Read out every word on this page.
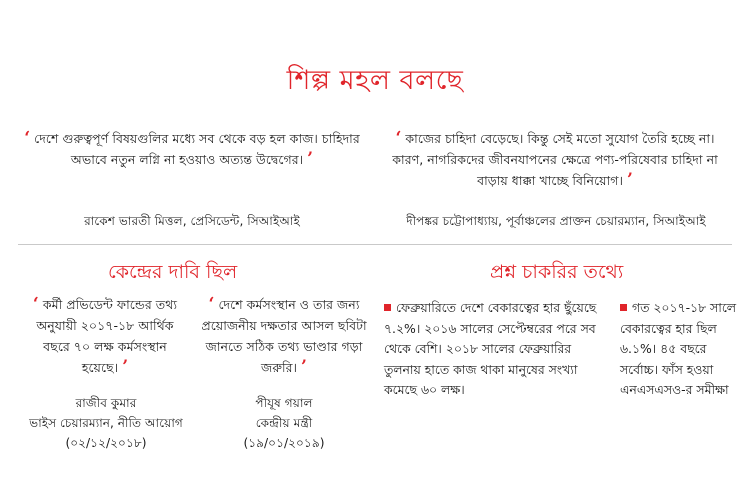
শিল্প মহল বলছে
‘ দেশে গুরুত্বপূর্ণ বিষয়গুলির মধ্যে সব থেকে বড় হল কাজ। চাহিদার অভাবে নতুন লগ্নি না হওয়াও অত্যন্ত উদ্বেগের। ’
রাকেশ ভারতী মিত্তল, প্রেসিডেন্ট, সিআইআই
‘ কাজের চাহিদা বেড়েছে। কিন্তু সেই মতো সুযোগ তৈরি হচ্ছে না। কারণ, নাগরিকদের জীবনযাপনের ক্ষেত্রে পণ্য-পরিষেবার চাহিদা না বাড়ায় ধাক্কা খাচ্ছে বিনিয়োগ। ’
দীপঙ্কর চট্টোপাধ্যায়, পূর্বাঞ্চলের প্রাক্তন চেয়ারম্যান, সিআইআই
কেন্দ্রের দাবি ছিল
‘ কর্মী প্রভিডেন্ট ফান্ডের তথ্য অনুযায়ী ২০১৭-১৮ আর্থিক বছরে ৭০ লক্ষ কর্মসংস্থান হয়েছে। ’
রাজীব কুমার
ভাইস চেয়ারম্যান, নীতি আয়োগ
(০২/১২/২০১৮)
‘ দেশে কর্মসংস্থান ও তার জন্য প্রয়োজনীয় দক্ষতার আসল ছবিটা জানতে সঠিক তথ্য ভাণ্ডার গড়া জরুরি। ’
পীযূষ গয়াল
কেন্দ্রীয় মন্ত্রী
(১৯/০১/২০১৯)
প্রশ্ন চাকরির তথ্যে
ফেব্রুয়ারিতে দেশে বেকারত্বের হার ছুঁয়েছে ৭.২%। ২০১৬ সালের সেপ্টেম্বরের পরে সব থেকে বেশি। ২০১৮ সালের ফেব্রুয়ারির তুলনায় হাতে কাজ থাকা মানুষের সংখ্যা কমেছে ৬০ লক্ষ।
গত ২০১৭-১৮ সালে বেকারত্বের হার ছিল ৬.১%। ৪৫ বছরে সর্বোচ্চ। ফাঁস হওয়া এনএসএসও-র সমীক্ষা
